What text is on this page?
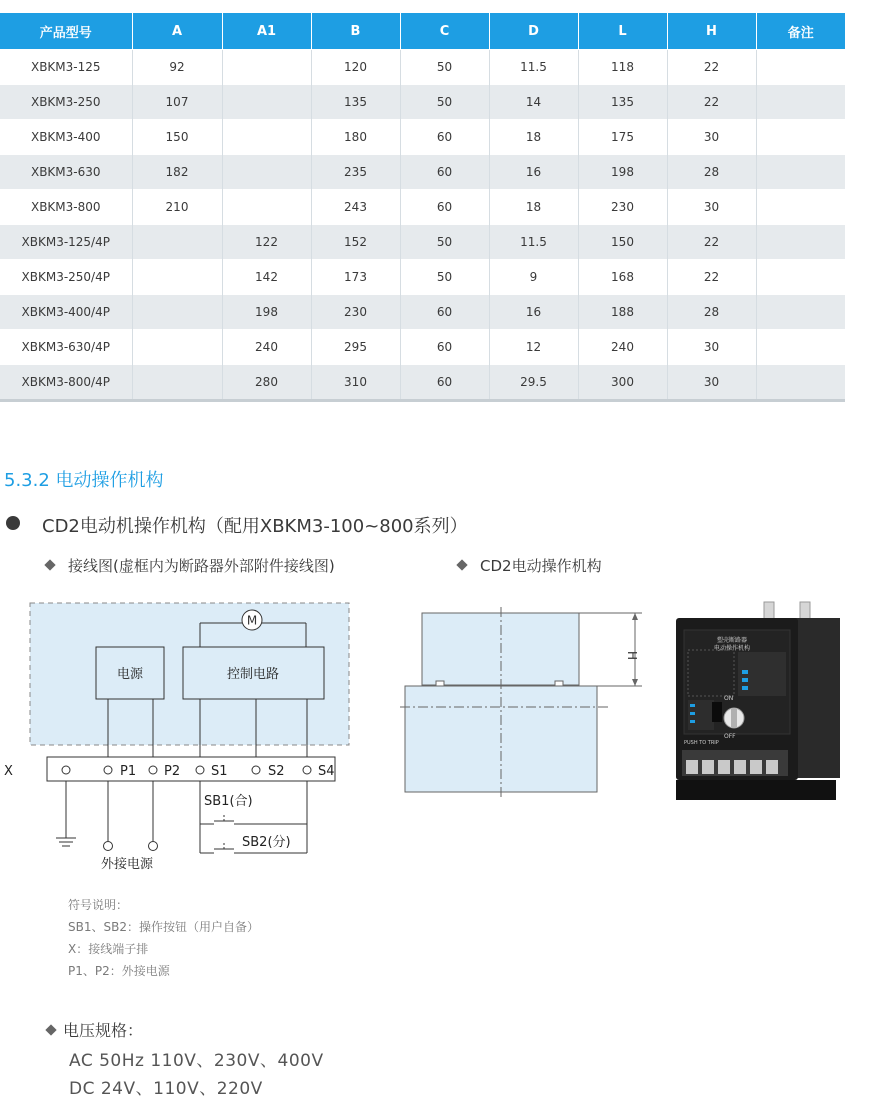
产品型号	A	A1	B	C	D	L	H	备注
XBKM3-125	92		120	50	11.5	118	22	
XBKM3-250	107		135	50	14	135	22	
XBKM3-400	150		180	60	18	175	30	
XBKM3-630	182		235	60	16	198	28	
XBKM3-800	210		243	60	18	230	30	
XBKM3-125/4P		122	152	50	11.5	150	22	
XBKM3-250/4P		142	173	50	9	168	22	
XBKM3-400/4P		198	230	60	16	188	28	
XBKM3-630/4P		240	295	60	12	240	30	
XBKM3-800/4P		280	310	60	29.5	300	30	
5.3.2 电动操作机构
CD2电动机操作机构（配用XBKM3-100~800系列）
接线图(虚框内为断路器外部附件接线图)	CD2电动操作机构
M
电源	控制电路
X	P1 P2 S1	S2	S4
外接电源
SB1(合)
SB2(分)
H
塑壳断路器
电动操作机构
ON
OFF
PUSH TO TRIP
符号说明：
SB1、SB2：操作按钮（用户自备）
X：接线端子排
P1、P2：外接电源
电压规格：
AC 50Hz 110V、230V、400V
DC 24V、110V、220V
